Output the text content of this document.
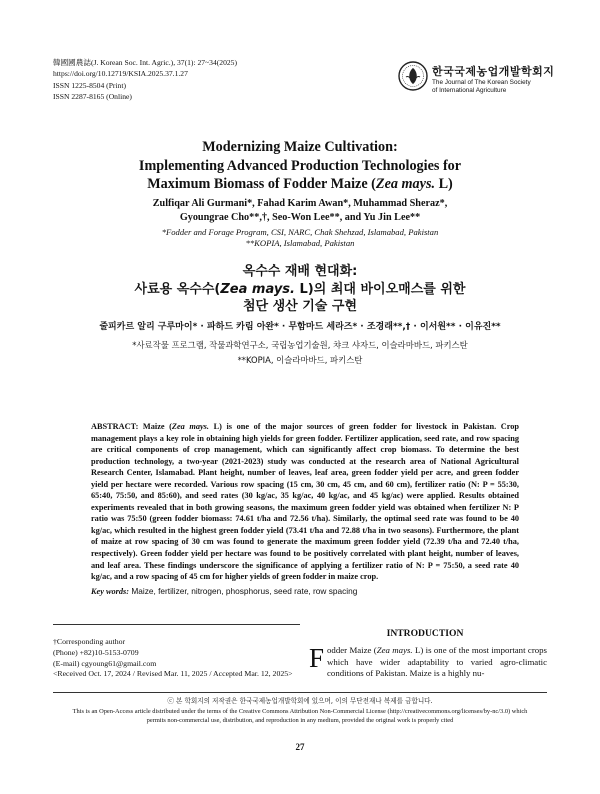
韓國國農誌(J. Korean Soc. Int. Agric.), 37(1): 27~34(2025)
https://doi.org/10.12719/KSIA.2025.37.1.27
ISSN 1225-8504 (Print)
ISSN 2287-8165 (Online)
한국국제농업개발학회지
The Journal of The Korean Society
of International Agriculture
Modernizing Maize Cultivation:
Implementing Advanced Production Technologies for
Maximum Biomass of Fodder Maize (Zea mays. L)
Zulfiqar Ali Gurmani*, Fahad Karim Awan*, Muhammad Sheraz*,
Gyoungrae Cho**,†, Seo-Won Lee**, and Yu Jin Lee**
*Fodder and Forage Program, CSI, NARC, Chak Shehzad, Islamabad, Pakistan
**KOPIA, Islamabad, Pakistan
옥수수 재배 현대화:
사료용 옥수수(Zea mays. L)의 최대 바이오매스를 위한
첨단 생산 기술 구현
줄피카르 알리 구루마이* · 파하드 카림 아완* · 무함마드 세라즈* · 조경래**,† · 이서원** · 이유진**
*사료작물 프로그램, 작물과학연구소, 국립농업기술원, 챠크 샤자드, 이슬라마바드, 파키스탄
**KOPIA, 이슬라마바드, 파키스탄

ABSTRACT: Maize (Zea mays. L) is one of the major sources of green fodder for livestock in Pakistan. Crop management plays a key role in obtaining high yields for green fodder. Fertilizer application, seed rate, and row spacing are critical components of crop management, which can significantly affect crop biomass. To determine the best production technology, a two-year (2021-2023) study was conducted at the research area of National Agricultural Research Center, Islamabad. Plant height, number of leaves, leaf area, green fodder yield per acre, and green fodder yield per hectare were recorded. Various row spacing (15 cm, 30 cm, 45 cm, and 60 cm), fertilizer ratio (N: P = 55:30, 65:40, 75:50, and 85:60), and seed rates (30 kg/ac, 35 kg/ac, 40 kg/ac, and 45 kg/ac) were applied. Results obtained experiments revealed that in both growing seasons, the maximum green fodder yield was obtained when fertilizer N: P ratio was 75:50 (green fodder biomass: 74.61 t/ha and 72.56 t/ha). Similarly, the optimal seed rate was found to be 40 kg/ac, which resulted in the highest green fodder yield (73.41 t/ha and 72.88 t/ha in two seasons). Furthermore, the plant of maize at row spacing of 30 cm was found to generate the maximum green fodder yield (72.39 t/ha and 72.40 t/ha, respectively). Green fodder yield per hectare was found to be positively correlated with plant height, number of leaves, and leaf area. These findings underscore the significance of applying a fertilizer ratio of N: P = 75:50, a seed rate 40 kg/ac, and a row spacing of 45 cm for higher yields of green fodder in maize crop.

Key words: Maize, fertilizer, nitrogen, phosphorus, seed rate, row spacing
†Corresponding author
(Phone) +82)10-5153-0709
(E-mail) cgyoung61@gmail.com
<Received Oct. 17, 2024 / Revised Mar. 11, 2025 / Accepted Mar. 12, 2025>
INTRODUCTION
Fodder Maize (Zea mays. L) is one of the most important crops which have wider adaptability to varied agro-climatic conditions of Pakistan. Maize is a highly nu-
ⓒ 본 학회지의 저작권은 한국국제농업개발학회에 있으며, 이의 무단전재나 복제를 금합니다.
This is an Open-Access article distributed under the terms of the Creative Commons Attribution Non-Commercial License (http://creativecommons.org/licenses/by-nc/3.0) which
permits non-commercial use, distribution, and reproduction in any medium, provided the original work is properly cited
27
